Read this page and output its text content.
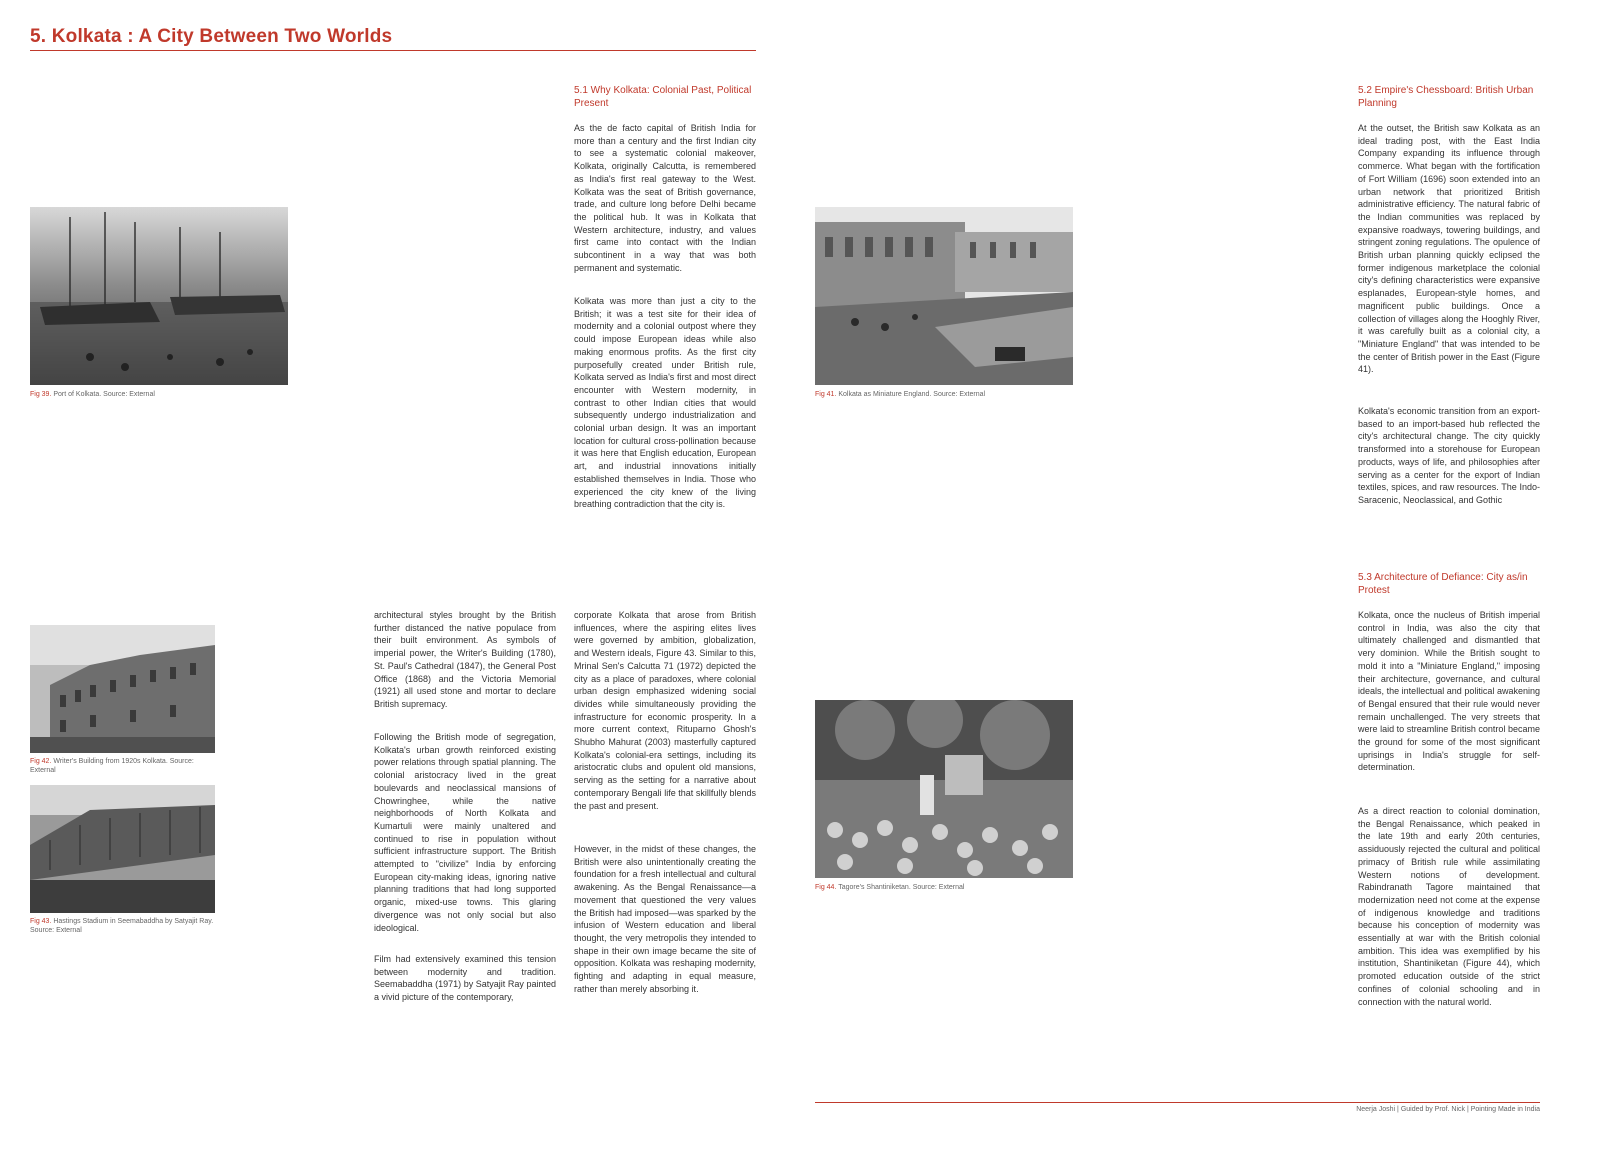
5. Kolkata : A City Between Two Worlds
Fig 39. Port of Kolkata. Source: External
5.1 Why Kolkata: Colonial Past, Political Present
As the de facto capital of British India for more than a century and the first Indian city to see a systematic colonial makeover, Kolkata, originally Calcutta, is remembered as India's first real gateway to the West. Kolkata was the seat of British governance, trade, and culture long before Delhi became the political hub. It was in Kolkata that Western architecture, industry, and values first came into contact with the Indian subcontinent in a way that was both permanent and systematic.
Kolkata was more than just a city to the British; it was a test site for their idea of modernity and a colonial outpost where they could impose European ideas while also making enormous profits. As the first city purposefully created under British rule, Kolkata served as India's first and most direct encounter with Western modernity, in contrast to other Indian cities that would subsequently undergo industrialization and colonial urban design. It was an important location for cultural cross-pollination because it was here that English education, European art, and industrial innovations initially established themselves in India. Those who experienced the city knew of the living breathing contradiction that the city is.
Fig 42. Writer's Building from 1920s Kolkata. Source: External
Fig 43. Hastings Stadium in Seemabaddha by Satyajit Ray. Source: External
architectural styles brought by the British further distanced the native populace from their built environment. As symbols of imperial power, the Writer's Building (1780), St. Paul's Cathedral (1847), the General Post Office (1868) and the Victoria Memorial (1921) all used stone and mortar to declare British supremacy.
Following the British mode of segregation, Kolkata's urban growth reinforced existing power relations through spatial planning. The colonial aristocracy lived in the great boulevards and neoclassical mansions of Chowringhee, while the native neighborhoods of North Kolkata and Kumartuli were mainly unaltered and continued to rise in population without sufficient infrastructure support. The British attempted to "civilize" India by enforcing European city-making ideas, ignoring native planning traditions that had long supported organic, mixed-use towns. This glaring divergence was not only social but also ideological.
Film had extensively examined this tension between modernity and tradition. Seemabaddha (1971) by Satyajit Ray painted a vivid picture of the contemporary,
corporate Kolkata that arose from British influences, where the aspiring elites lives were governed by ambition, globalization, and Western ideals, Figure 43. Similar to this, Mrinal Sen's Calcutta 71 (1972) depicted the city as a place of paradoxes, where colonial urban design emphasized widening social divides while simultaneously providing the infrastructure for economic prosperity. In a more current context, Rituparno Ghosh's Shubho Mahurat (2003) masterfully captured Kolkata's colonial-era settings, including its aristocratic clubs and opulent old mansions, serving as the setting for a narrative about contemporary Bengali life that skillfully blends the past and present.
However, in the midst of these changes, the British were also unintentionally creating the foundation for a fresh intellectual and cultural awakening. As the Bengal Renaissance—a movement that questioned the very values the British had imposed—was sparked by the infusion of Western education and liberal thought, the very metropolis they intended to shape in their own image became the site of opposition. Kolkata was reshaping modernity, fighting and adapting in equal measure, rather than merely absorbing it.
Fig 41. Kolkata as Miniature England. Source: External
5.2 Empire's Chessboard: British Urban Planning
At the outset, the British saw Kolkata as an ideal trading post, with the East India Company expanding its influence through commerce. What began with the fortification of Fort William (1696) soon extended into an urban network that prioritized British administrative efficiency. The natural fabric of the Indian communities was replaced by expansive roadways, towering buildings, and stringent zoning regulations. The opulence of British urban planning quickly eclipsed the former indigenous marketplace the colonial city's defining characteristics were expansive esplanades, European-style homes, and magnificent public buildings. Once a collection of villages along the Hooghly River, it was carefully built as a colonial city, a "Miniature England" that was intended to be the center of British power in the East (Figure 41).
Kolkata's economic transition from an export-based to an import-based hub reflected the city's architectural change. The city quickly transformed into a storehouse for European products, ways of life, and philosophies after serving as a center for the export of Indian textiles, spices, and raw resources. The Indo-Saracenic, Neoclassical, and Gothic
Fig 44. Tagore's Shantiniketan. Source: External
5.3 Architecture of Defiance: City as/in Protest
Kolkata, once the nucleus of British imperial control in India, was also the city that ultimately challenged and dismantled that very dominion. While the British sought to mold it into a "Miniature England," imposing their architecture, governance, and cultural ideals, the intellectual and political awakening of Bengal ensured that their rule would never remain unchallenged. The very streets that were laid to streamline British control became the ground for some of the most significant uprisings in India's struggle for self-determination.
As a direct reaction to colonial domination, the Bengal Renaissance, which peaked in the late 19th and early 20th centuries, assiduously rejected the cultural and political primacy of British rule while assimilating Western notions of development. Rabindranath Tagore maintained that modernization need not come at the expense of indigenous knowledge and traditions because his conception of modernity was essentially at war with the British colonial ambition. This idea was exemplified by his institution, Shantiniketan (Figure 44), which promoted education outside of the strict confines of colonial schooling and in connection with the natural world.
Neerja Joshi | Guided by Prof. Nick | Pointing Made in India
